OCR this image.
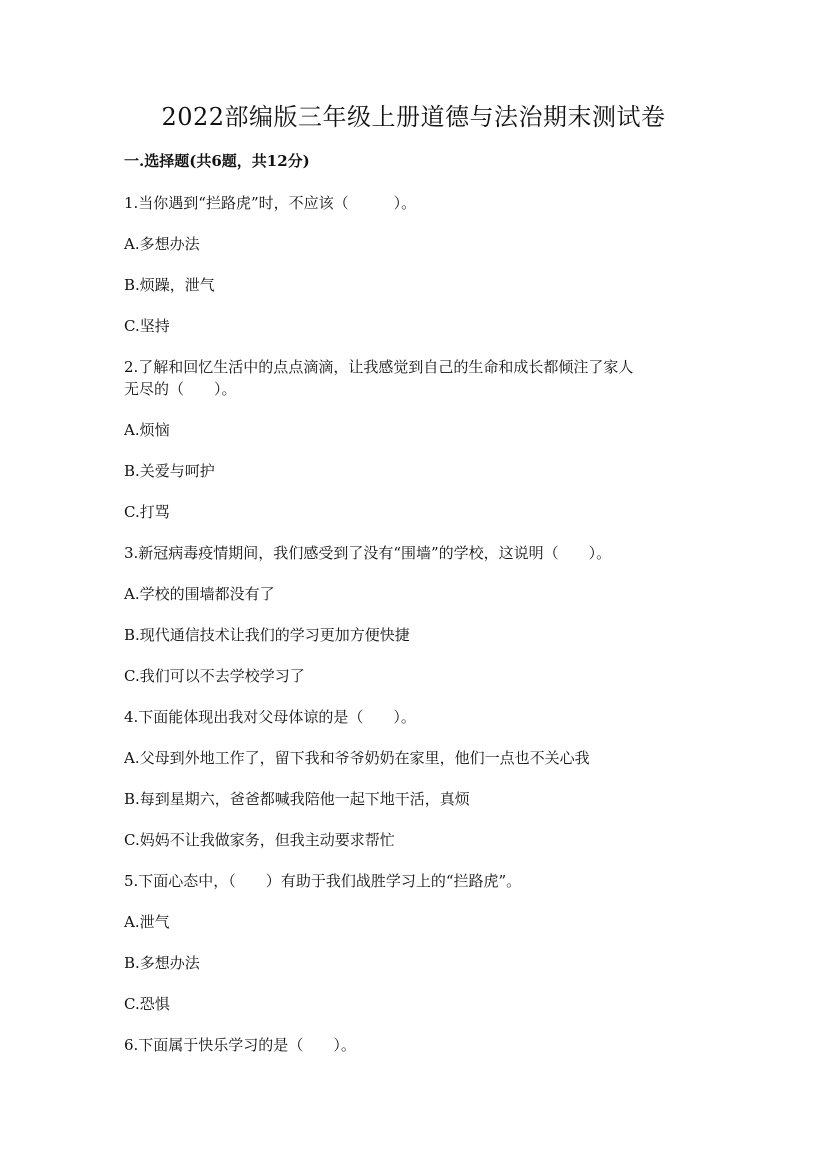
2022部编版三年级上册道德与法治期末测试卷
一.选择题(共6题，共12分)
1.当你遇到“拦路虎”时，不应该（　　　）。
A.多想办法
B.烦躁，泄气
C.坚持
2.了解和回忆生活中的点点滴滴，让我感觉到自己的生命和成长都倾注了家人
无尽的（　　）。
A.烦恼
B.关爱与呵护
C.打骂
3.新冠病毒疫情期间，我们感受到了没有“围墙”的学校，这说明（　　）。
A.学校的围墙都没有了
B.现代通信技术让我们的学习更加方便快捷
C.我们可以不去学校学习了
4.下面能体现出我对父母体谅的是（　　）。
A.父母到外地工作了，留下我和爷爷奶奶在家里，他们一点也不关心我
B.每到星期六，爸爸都喊我陪他一起下地干活，真烦
C.妈妈不让我做家务，但我主动要求帮忙
5.下面心态中，（　　）有助于我们战胜学习上的“拦路虎”。
A.泄气
B.多想办法
C.恐惧
6.下面属于快乐学习的是（　　）。
